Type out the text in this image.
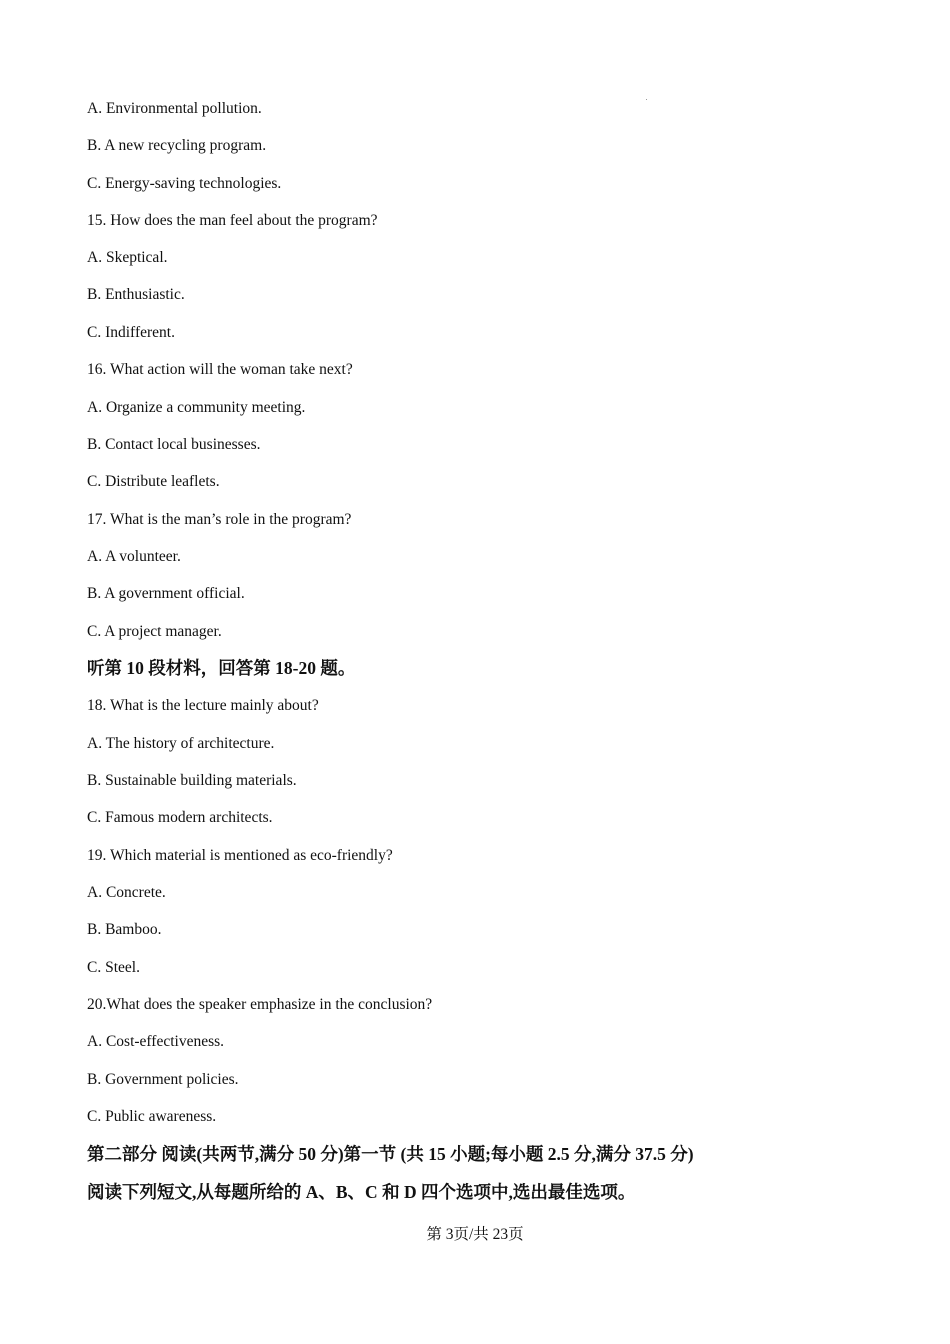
A. Environmental pollution.
B. A new recycling program.
C. Energy-saving technologies.
15. How does the man feel about the program?
A. Skeptical.
B. Enthusiastic.
C. Indifferent.
16. What action will the woman take next?
A. Organize a community meeting.
B. Contact local businesses.
C. Distribute leaflets.
17. What is the man’s role in the program?
A. A volunteer.
B. A government official.
C. A project manager.
听第 10 段材料，回答第 18-20 题。
18. What is the lecture mainly about?
A. The history of architecture.
B. Sustainable building materials.
C. Famous modern architects.
19. Which material is mentioned as eco-friendly?
A. Concrete.
B. Bamboo.
C. Steel.
20.What does the speaker emphasize in the conclusion?
A. Cost-effectiveness.
B. Government policies.
C. Public awareness.
第二部分 阅读(共两节,满分 50 分)第一节 (共 15 小题;每小题 2.5 分,满分 37.5 分)
阅读下列短文,从每题所给的 A、B、C 和 D 四个选项中,选出最佳选项。
第 3页/共 23页
